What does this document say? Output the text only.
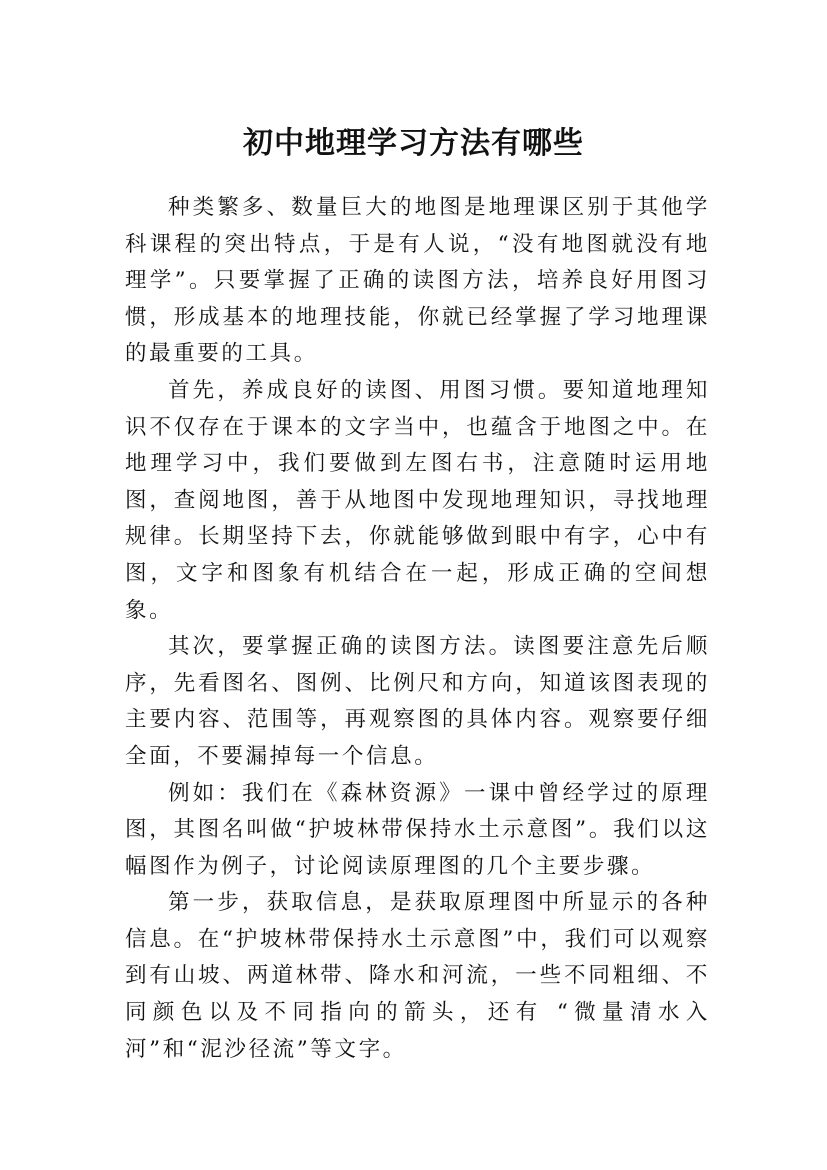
初中地理学习方法有哪些

种类繁多、数量巨大的地图是地理课区别于其他学科课程的突出特点，于是有人说，“没有地图就没有地理学”。只要掌握了正确的读图方法，培养良好用图习惯，形成基本的地理技能，你就已经掌握了学习地理课的最重要的工具。

首先，养成良好的读图、用图习惯。要知道地理知识不仅存在于课本的文字当中，也蕴含于地图之中。在地理学习中，我们要做到左图右书，注意随时运用地图，查阅地图，善于从地图中发现地理知识，寻找地理规律。长期坚持下去，你就能够做到眼中有字，心中有图，文字和图象有机结合在一起，形成正确的空间想象。

其次，要掌握正确的读图方法。读图要注意先后顺序，先看图名、图例、比例尺和方向，知道该图表现的主要内容、范围等，再观察图的具体内容。观察要仔细全面，不要漏掉每一个信息。

例如：我们在《森林资源》一课中曾经学过的原理图，其图名叫做“护坡林带保持水土示意图”。我们以这幅图作为例子，讨论阅读原理图的几个主要步骤。

第一步，获取信息，是获取原理图中所显示的各种信息。在“护坡林带保持水土示意图”中，我们可以观察到有山坡、两道林带、降水和河流，一些不同粗细、不同颜色以及不同指向的箭头，还有 “微量清水入河”和“泥沙径流”等文字。
